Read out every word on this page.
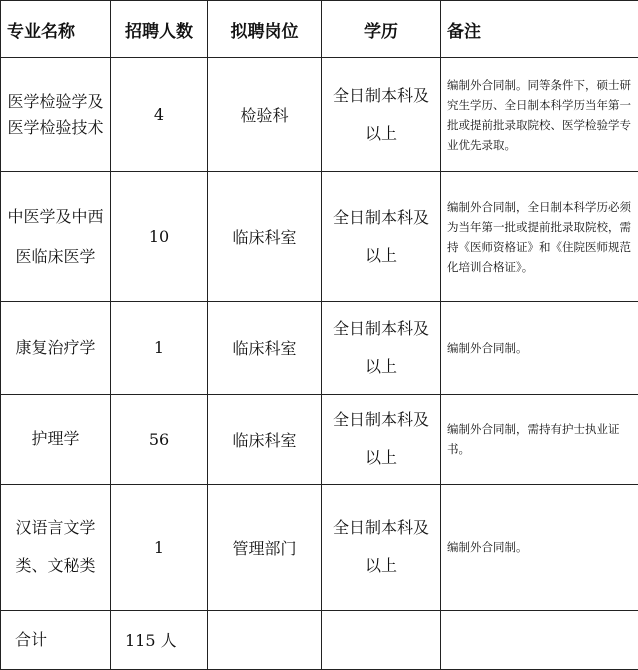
专业名称	招聘人数	拟聘岗位	学历	备注
医学检验学及医学检验技术	4	检验科	全日制本科及以上	编制外合同制。同等条件下，硕士研究生学历、全日制本科学历当年第一批或提前批录取院校、医学检验学专业优先录取。
中医学及中西医临床医学	10	临床科室	全日制本科及以上	编制外合同制，全日制本科学历必须为当年第一批或提前批录取院校，需持《医师资格证》和《住院医师规范化培训合格证》。
康复治疗学	1	临床科室	全日制本科及以上	编制外合同制。
护理学	56	临床科室	全日制本科及以上	编制外合同制，需持有护士执业证书。
汉语言文学类、文秘类	1	管理部门	全日制本科及以上	编制外合同制。
合计	115 人			
